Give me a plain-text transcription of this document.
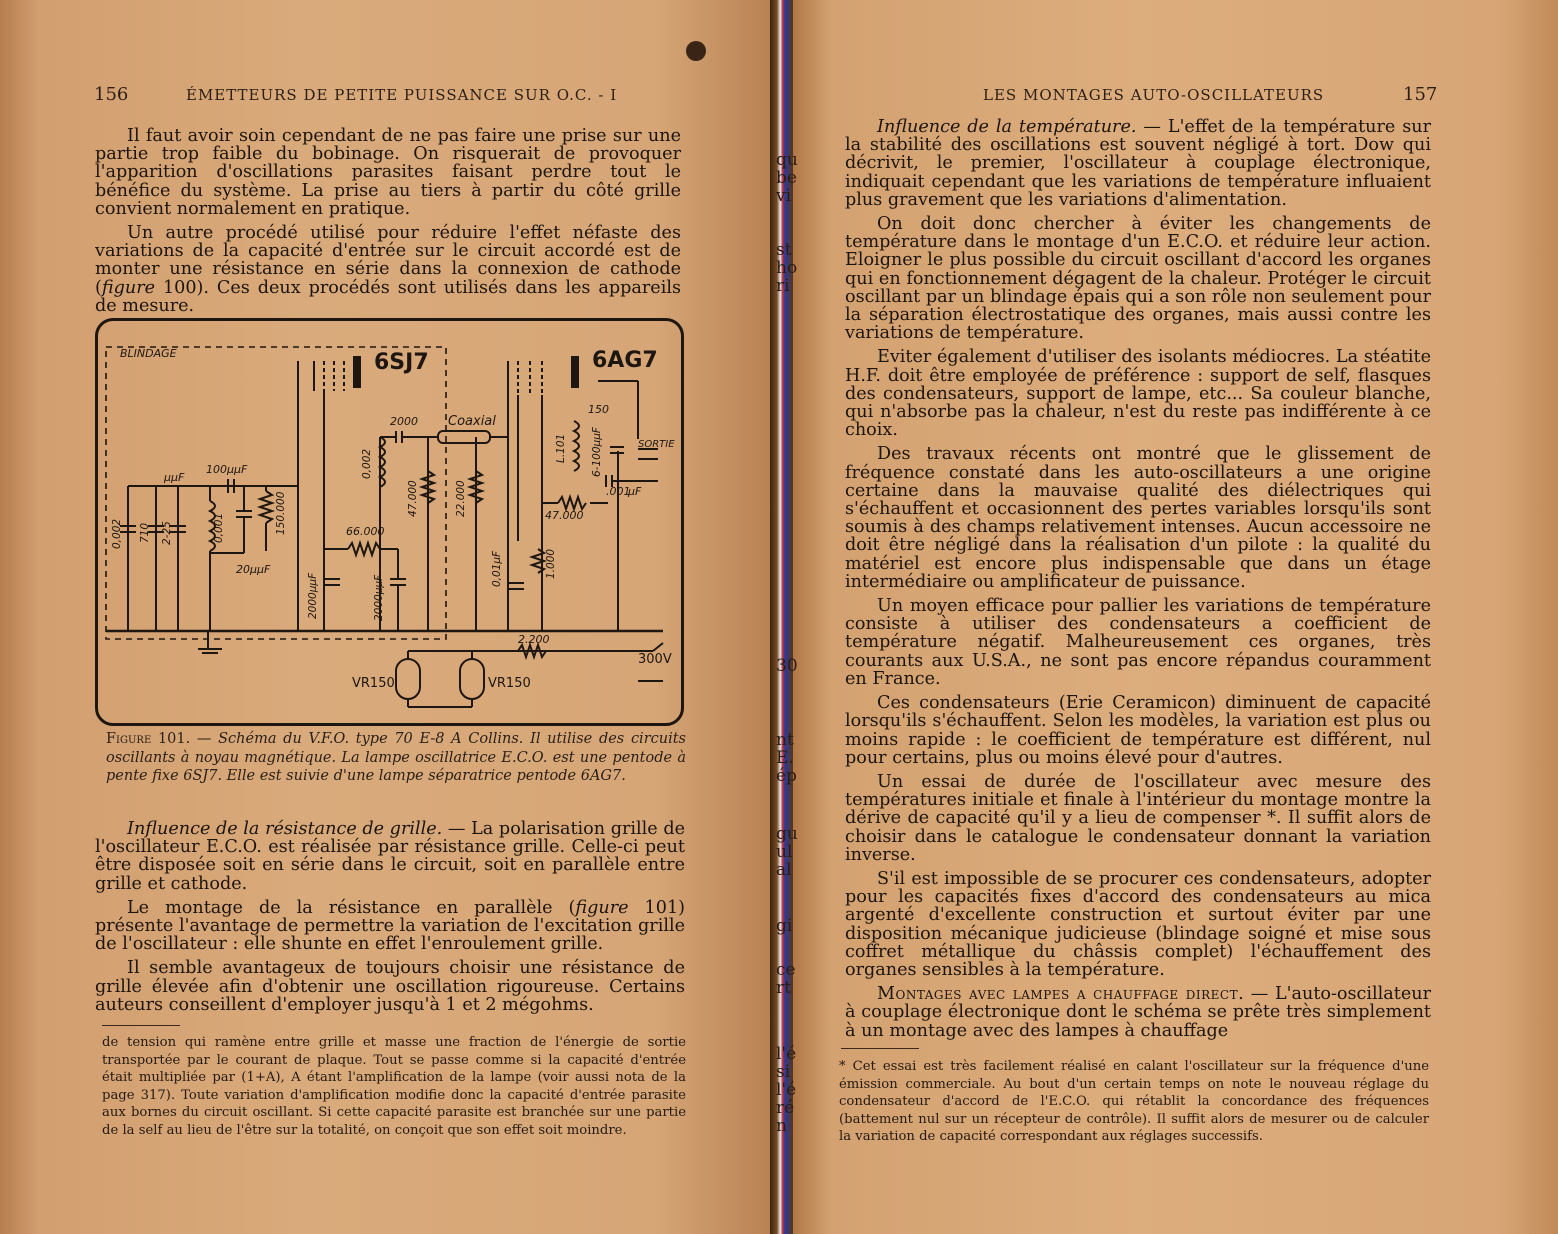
156	ÉMETTEURS DE PETITE PUISSANCE SUR O.C. - I

Il faut avoir soin cependant de ne pas faire une prise sur une partie trop faible du bobinage. On risquerait de provoquer l'apparition d'oscillations parasites faisant perdre tout le bénéfice du système. La prise au tiers à partir du côté grille convient normalement en pratique.

Un autre procédé utilisé pour réduire l'effet néfaste des variations de la capacité d'entrée sur le circuit accordé est de monter une résistance en série dans la connexion de cathode (figure 100). Ces deux procédés sont utilisés dans les appareils de mesure.

BLINDAGE
2000 Coaxial
SORTIE
100µµF
20µµF
66.000
47.000
.001
µF
150
µµF
2.200
0,002 710 2-25	0,001	150.000
2000µµF	2000µµF
0,002
47.000	22.000
0,01µF	1.000
L.101 6-100µµF
6SJ7	6AG7
300V
VR150	VR150
Figure 101. — Schéma du V.F.O. type 70 E-8 A Collins. Il utilise des circuits oscillants à noyau magnétique. La lampe oscillatrice E.C.O. est une pentode à pente fixe 6SJ7. Elle est suivie d'une lampe séparatrice pentode 6AG7.

Influence de la résistance de grille. — La polarisation grille de l'oscillateur E.C.O. est réalisée par résistance grille. Celle-ci peut être disposée soit en série dans le circuit, soit en parallèle entre grille et cathode.

Le montage de la résistance en parallèle (figure 101) présente l'avantage de permettre la variation de l'excitation grille de l'oscillateur : elle shunte en effet l'enroulement grille.

Il semble avantageux de toujours choisir une résistance de grille élevée afin d'obtenir une oscillation rigoureuse. Certains auteurs conseillent d'employer jusqu'à 1 et 2 mégohms.

de tension qui ramène entre grille et masse une fraction de l'énergie de sortie transportée par le courant de plaque. Tout se passe comme si la capacité d'entrée était multipliée par (1+A), A étant l'amplification de la lampe (voir aussi nota de la page 317). Toute variation d'amplification modifie donc la capacité d'entrée parasite aux bornes du circuit oscillant. Si cette capacité parasite est branchée sur une partie de la self au lieu de l'être sur la totalité, on conçoit que son effet soit moindre.

LES MONTAGES AUTO-OSCILLATEURS	157

Influence de la température. — L'effet de la température sur la stabilité des oscillations est souvent négligé à tort. Dow qui décrivit, le premier, l'oscillateur à couplage électronique, indiquait cependant que les variations de température influaient plus gravement que les variations d'alimentation.

On doit donc chercher à éviter les changements de température dans le montage d'un E.C.O. et réduire leur action. Eloigner le plus possible du circuit oscillant d'accord les organes qui en fonctionnement dégagent de la chaleur. Protéger le circuit oscillant par un blindage épais qui a son rôle non seulement pour la séparation électrostatique des organes, mais aussi contre les variations de température.

Eviter également d'utiliser des isolants médiocres. La stéatite H.F. doit être employée de préférence : support de self, flasques des condensateurs, support de lampe, etc... Sa couleur blanche, qui n'absorbe pas la chaleur, n'est du reste pas indifférente à ce choix.

Des travaux récents ont montré que le glissement de fréquence constaté dans les auto-oscillateurs a une origine certaine dans la mauvaise qualité des diélectriques qui s'échauffent et occasionnent des pertes variables lorsqu'ils sont soumis à des champs relativement intenses. Aucun accessoire ne doit être négligé dans la réalisation d'un pilote : la qualité du matériel est encore plus indispensable que dans un étage intermédiaire ou amplificateur de puissance.

Un moyen efficace pour pallier les variations de température consiste à utiliser des condensateurs a coefficient de température négatif. Malheureusement ces organes, très courants aux U.S.A., ne sont pas encore répandus couramment en France.

Ces condensateurs (Erie Ceramicon) diminuent de capacité lorsqu'ils s'échauffent. Selon les modèles, la variation est plus ou moins rapide : le coefficient de température est différent, nul pour certains, plus ou moins élevé pour d'autres.

Un essai de durée de l'oscillateur avec mesure des températures initiale et finale à l'intérieur du montage montre la dérive de capacité qu'il y a lieu de compenser *. Il suffit alors de choisir dans le catalogue le condensateur donnant la variation inverse.

S'il est impossible de se procurer ces condensateurs, adopter pour les capacités fixes d'accord des condensateurs au mica argenté d'excellente construction et surtout éviter par une disposition mécanique judicieuse (blindage soigné et mise sous coffret métallique du châssis complet) l'échauffement des organes sensibles à la température.

Montages avec lampes a chauffage direct. — L'auto-oscillateur à couplage électronique dont le schéma se prête très simplement à un montage avec des lampes à chauffage

* Cet essai est très facilement réalisé en calant l'oscillateur sur la fréquence d'une émission commerciale. Au bout d'un certain temps on note le nouveau réglage du condensateur d'accord de l'E.C.O. qui rétablit la concordance des fréquences (battement nul sur un récepteur de contrôle). Il suffit alors de mesurer ou de calculer la variation de capacité correspondant aux réglages successifs.

qu
be
vi
st
ho
ri
30
nt
E.
ép
gu
ul
al
gi
ce
rt
l'é
si
l'é
ré
n
